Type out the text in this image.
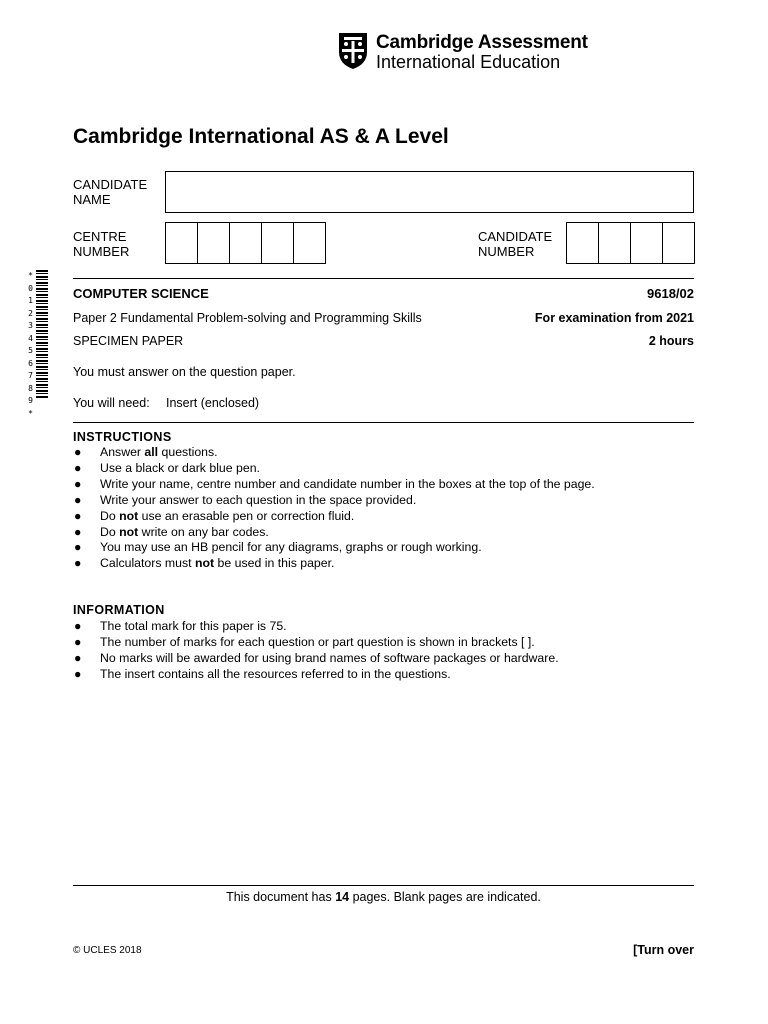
Cambridge Assessment
International Education
Cambridge International AS & A Level
CANDIDATE
NAME
CENTRE
NUMBER
CANDIDATE
NUMBER
*
0
1
2
3
4
5
6
7
8
9
*
COMPUTER SCIENCE	9618/02
Paper 2 Fundamental Problem-solving and Programming Skills	For examination from 2021
SPECIMEN PAPER	2 hours
You must answer on the question paper.
You will need: Insert (enclosed)
INSTRUCTIONS
● Answer all questions.
● Use a black or dark blue pen.
● Write your name, centre number and candidate number in the boxes at the top of the page.
● Write your answer to each question in the space provided.
● Do not use an erasable pen or correction fluid.
● Do not write on any bar codes.
● You may use an HB pencil for any diagrams, graphs or rough working.
● Calculators must not be used in this paper.
INFORMATION
● The total mark for this paper is 75.
● The number of marks for each question or part question is shown in brackets [ ].
● No marks will be awarded for using brand names of software packages or hardware.
● The insert contains all the resources referred to in the questions.
This document has 14 pages. Blank pages are indicated.
© UCLES 2018	[Turn over
